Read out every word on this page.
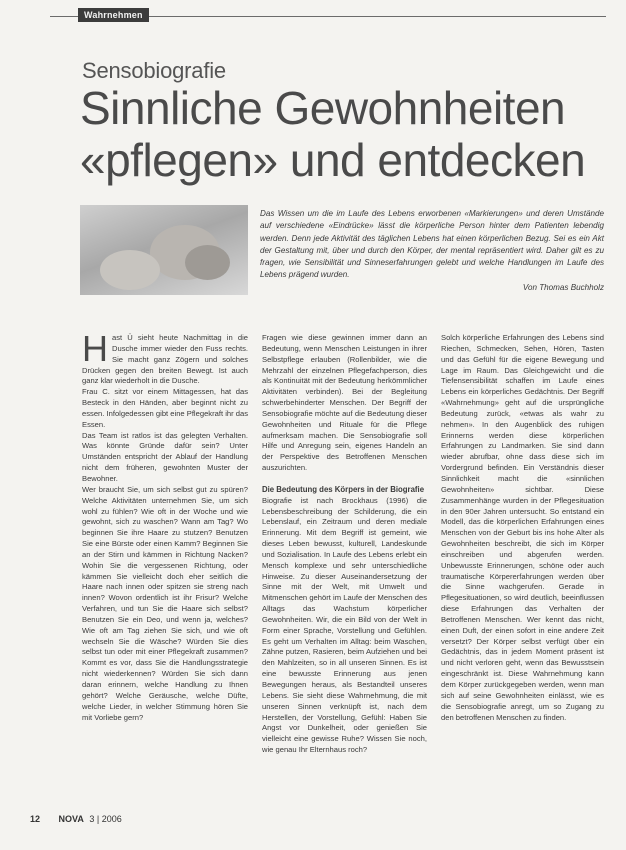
Wahrnehmen
Sensobiografie
Sinnliche Gewohnheiten
«pflegen» und entdecken
Das Wissen um die im Laufe des Lebens erworbenen «Markierungen» und deren Umstände auf verschiedene «Eindrücke» lässt die körperliche Person hinter dem Patienten lebendig werden. Denn jede Aktivität des täglichen Lebens hat einen körperlichen Bezug. Sei es ein Akt der Gestaltung mit, über und durch den Körper, der mental repräsentiert wird. Daher gilt es zu fragen, wie Sensibilität und Sinneserfahrungen gelebt und welche Handlungen im Laufe des Lebens prägend wurden.
Von Thomas Buchholz

Hast Ü sieht heute Nachmittag in die Dusche immer wieder den Fuss rechts. Sie macht ganz Zögern und solches Drücken gegen den breiten Bewegt. Ist auch ganz klar wiederholt in die Dusche.

Frau C. sitzt vor einem Mittagessen, hat das Besteck in den Händen, aber beginnt nicht zu essen. Infolgedessen gibt eine Pflegekraft ihr das Essen.

Das Team ist ratlos ist das gelegten Verhalten. Was könnte Gründe dafür sein? Unter Umständen entspricht der Ablauf der Handlung nicht dem früheren, gewohnten Muster der Bewohner.

Wer braucht Sie, um sich selbst gut zu spüren? Welche Aktivitäten unternehmen Sie, um sich wohl zu fühlen? Wie oft in der Woche und wie gewohnt, sich zu waschen? Wann am Tag? Wo beginnen Sie ihre Haare zu stutzen? Benutzen Sie eine Bürste oder einen Kamm? Beginnen Sie an der Stirn und kämmen in Richtung Nacken? Wohin Sie die vergessenen Richtung, oder kämmen Sie vielleicht doch eher seitlich die Haare nach innen oder spitzen sie streng nach innen? Wovon ordentlich ist ihr Frisur? Welche Verfahren, und tun Sie die Haare sich selbst? Benutzen Sie ein Deo, und wenn ja, welches? Wie oft am Tag ziehen Sie sich, und wie oft wechseln Sie die Wäsche? Würden Sie dies selbst tun oder mit einer Pflegekraft zusammen? Kommt es vor, dass Sie die Handlungsstrategie nicht wiederkennen? Würden Sie sich dann daran erinnern, welche Handlung zu Ihnen gehört? Welche Geräusche, welche Düfte, welche Lieder, in welcher Stimmung hören Sie mit Vorliebe gern?

Fragen wie diese gewinnen immer dann an Bedeutung, wenn Menschen Leistungen in ihrer Selbstpflege erlauben (Rollenbilder, wie die Mehrzahl der einzelnen Pflegefachperson, dies als Kontinuität mit der Bedeutung herkömmlicher Aktivitäten verbinden). Bei der Begleitung schwerbehinderter Menschen. Der Begriff der Sensobiografie möchte auf die Bedeutung dieser Gewohnheiten und Rituale für die Pflege aufmerksam machen. Die Sensobiografie soll Hilfe und Anregung sein, eigenes Handeln an der Perspektive des Betroffenen Menschen auszurichten.

Die Bedeutung des Körpers in der Biografie

Biografie ist nach Brockhaus (1996) die Lebensbeschreibung der Schilderung, die ein Lebenslauf, ein Zeitraum und deren mediale Erinnerung. Mit dem Begriff ist gemeint, wie dieses Leben bewusst, kulturell, Landeskunde und Sozialisation. In Laufe des Lebens erlebt ein Mensch komplexe und sehr unterschiedliche Hinweise. Zu dieser Auseinandersetzung der Sinne mit der Welt, mit Umwelt und Mitmenschen gehört im Laufe der Menschen des Alltags das Wachstum körperlicher Gewohnheiten. Wir, die ein Bild von der Welt in Form einer Sprache, Vorstellung und Gefühlen. Es geht um Verhalten im Alltag: beim Waschen, Zähne putzen, Rasieren, beim Aufziehen und bei den Mahlzeiten, so in all unseren Sinnen. Es ist eine bewusste Erinnerung aus jenen Bewegungen heraus, als Bestandteil unseres Lebens. Sie sieht diese Wahrnehmung, die mit unseren Sinnen verknüpft ist, nach dem Herstellen, der Vorstellung, Gefühl: Haben Sie Angst vor Dunkelheit, oder genießen Sie vielleicht eine gewisse Ruhe? Wissen Sie noch, wie genau Ihr Elternhaus roch?

Solch körperliche Erfahrungen des Lebens sind Riechen, Schmecken, Sehen, Hören, Tasten und das Gefühl für die eigene Bewegung und Lage im Raum. Das Gleichgewicht und die Tiefensensibilität schaffen im Laufe eines Lebens ein körperliches Gedächtnis. Der Begriff «Wahrnehmung» geht auf die ursprüngliche Bedeutung zurück, «etwas als wahr zu nehmen». In den Augenblick des ruhigen Erinnerns werden diese körperlichen Erfahrungen zu Landmarken. Sie sind dann wieder abrufbar, ohne dass diese sich im Vordergrund befinden. Ein Verständnis dieser Sinnlichkeit macht die «sinnlichen Gewohnheiten» sichtbar. Diese Zusammenhänge wurden in der Pflegesituation in den 90er Jahren untersucht. So entstand ein Modell, das die körperlichen Erfahrungen eines Menschen von der Geburt bis ins hohe Alter als Gewohnheiten beschreibt, die sich im Körper einschreiben und abgerufen werden. Unbewusste Erinnerungen, schöne oder auch traumatische Körpererfahrungen werden über die Sinne wachgerufen. Gerade in Pflegesituationen, so wird deutlich, beeinflussen diese Erfahrungen das Verhalten der Betroffenen Menschen. Wer kennt das nicht, einen Duft, der einen sofort in eine andere Zeit versetzt? Der Körper selbst verfügt über ein Gedächtnis, das in jedem Moment präsent ist und nicht verloren geht, wenn das Bewusstsein eingeschränkt ist. Diese Wahrnehmung kann dem Körper zurückgegeben werden, wenn man sich auf seine Gewohnheiten einlässt, wie es die Sensobiografie anregt, um so Zugang zu den betroffenen Menschen zu finden.

12 NOVA 3 | 2006
